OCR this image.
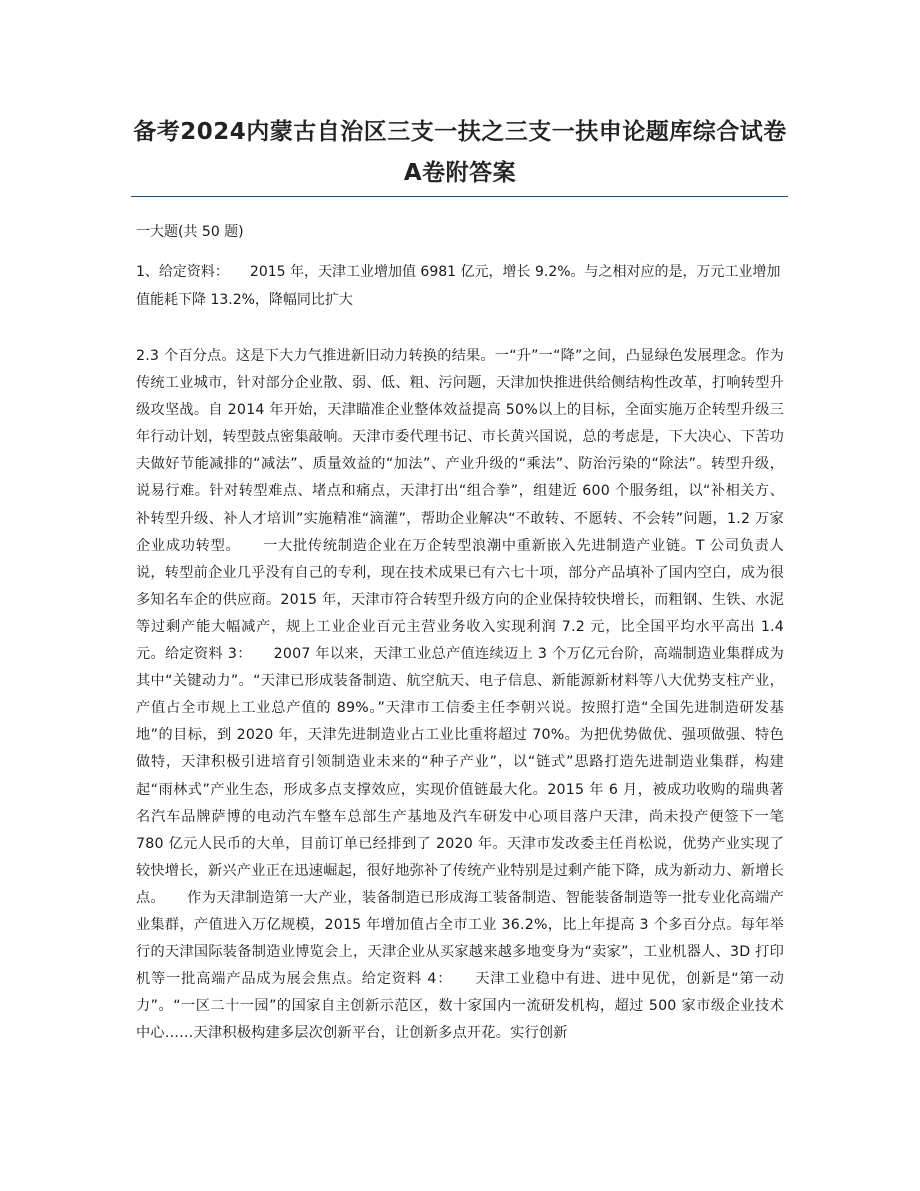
备考2024内蒙古自治区三支一扶之三支一扶申论题库综合试卷A卷附答案
一大题(共 50 题)
1、给定资料：　　2015 年，天津工业增加值 6981 亿元，增长 9.2%。与之相对应的是，万元工业增加值能耗下降 13.2%，降幅同比扩大
2.3 个百分点。这是下大力气推进新旧动力转换的结果。一“升”一“降”之间，凸显绿色发展理念。作为传统工业城市，针对部分企业散、弱、低、粗、污问题，天津加快推进供给侧结构性改革，打响转型升级攻坚战。自 2014 年开始，天津瞄准企业整体效益提高 50%以上的目标，全面实施万企转型升级三年行动计划，转型鼓点密集敲响。天津市委代理书记、市长黄兴国说，总的考虑是，下大决心、下苦功夫做好节能减排的“减法”、质量效益的“加法”、产业升级的“乘法”、防治污染的“除法”。转型升级，说易行难。针对转型难点、堵点和痛点，天津打出“组合拳”，组建近 600 个服务组，以“补相关方、补转型升级、补人才培训”实施精准“滴灌”，帮助企业解决“不敢转、不愿转、不会转”问题，1.2 万家企业成功转型。　　一大批传统制造企业在万企转型浪潮中重新嵌入先进制造产业链。T 公司负责人说，转型前企业几乎没有自己的专利，现在技术成果已有六七十项，部分产品填补了国内空白，成为很多知名车企的供应商。2015 年，天津市符合转型升级方向的企业保持较快增长，而粗钢、生铁、水泥等过剩产能大幅减产，规上工业企业百元主营业务收入实现利润 7.2 元，比全国平均水平高出 1.4 元。给定资料 3：　　2007 年以来，天津工业总产值连续迈上 3 个万亿元台阶，高端制造业集群成为其中“关键动力”。“天津已形成装备制造、航空航天、电子信息、新能源新材料等八大优势支柱产业，产值占全市规上工业总产值的 89%。”天津市工信委主任李朝兴说。按照打造“全国先进制造研发基地”的目标，到 2020 年，天津先进制造业占工业比重将超过 70%。为把优势做优、强项做强、特色做特，天津积极引进培育引领制造业未来的“种子产业”，以“链式”思路打造先进制造业集群，构建起“雨林式”产业生态，形成多点支撑效应，实现价值链最大化。2015 年 6 月，被成功收购的瑞典著名汽车品牌萨博的电动汽车整车总部生产基地及汽车研发中心项目落户天津，尚未投产便签下一笔 780 亿元人民币的大单，目前订单已经排到了 2020 年。天津市发改委主任肖松说，优势产业实现了较快增长，新兴产业正在迅速崛起，很好地弥补了传统产业特别是过剩产能下降，成为新动力、新增长点。　　作为天津制造第一大产业，装备制造已形成海工装备制造、智能装备制造等一批专业化高端产业集群，产值进入万亿规模，2015 年增加值占全市工业 36.2%，比上年提高 3 个多百分点。每年举行的天津国际装备制造业博览会上，天津企业从买家越来越多地变身为“卖家”，工业机器人、3D 打印机等一批高端产品成为展会焦点。给定资料 4：　　天津工业稳中有进、进中见优，创新是“第一动力”。“一区二十一园”的国家自主创新示范区，数十家国内一流研发机构，超过 500 家市级企业技术中心……天津积极构建多层次创新平台，让创新多点开花。实行创新
